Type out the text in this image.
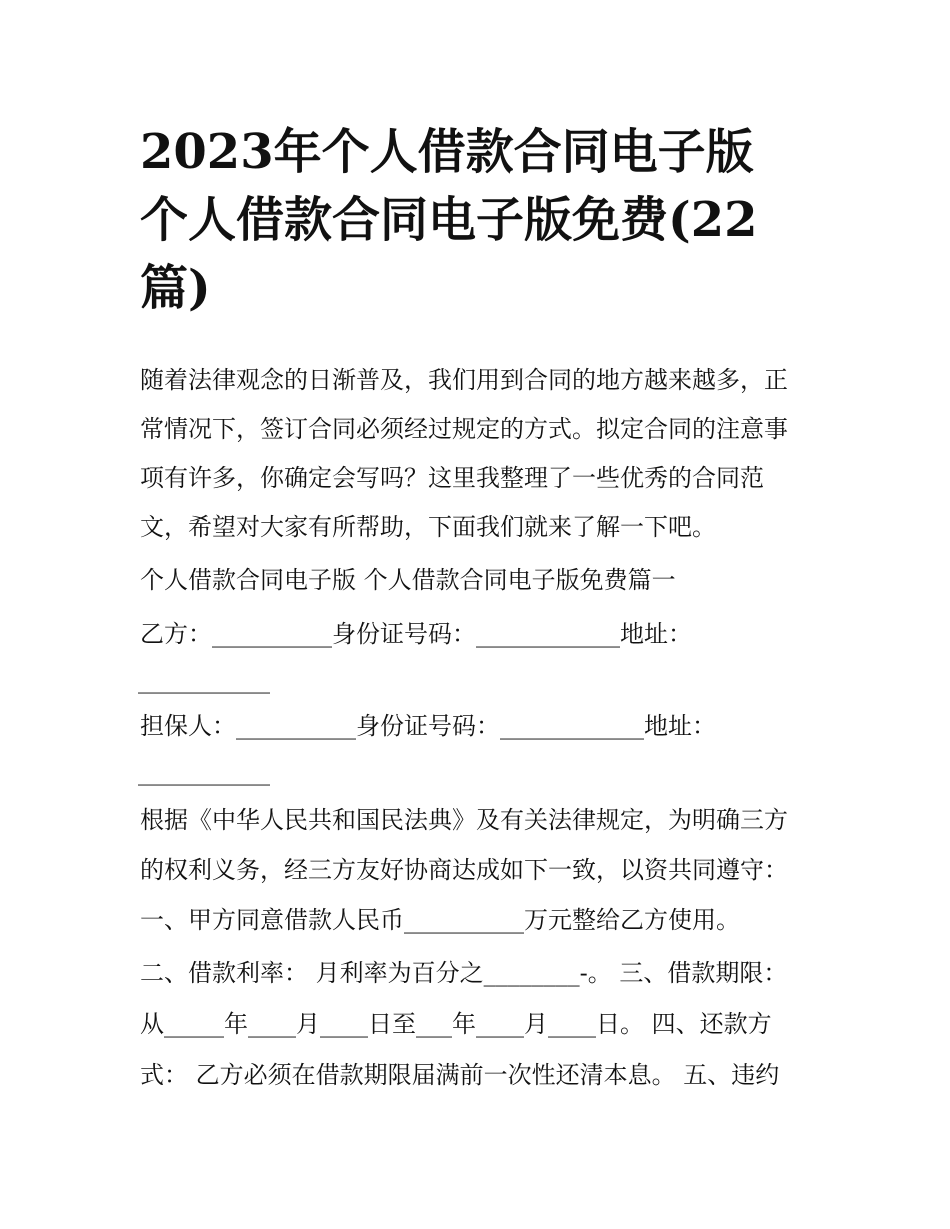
2023年个人借款合同电子版
个人借款合同电子版免费(22
篇)

随着法律观念的日渐普及，我们用到合同的地方越来越多，正

常情况下，签订合同必须经过规定的方式。拟定合同的注意事

项有许多，你确定会写吗？这里我整理了一些优秀的合同范

文，希望对大家有所帮助，下面我们就来了解一下吧。

个人借款合同电子版 个人借款合同电子版免费篇一

乙方：__________身份证号码：____________地址：

___________

担保人：__________身份证号码：____________地址：

___________

根据《中华人民共和国民法典》及有关法律规定，为明确三方

的权利义务，经三方友好协商达成如下一致，以资共同遵守：

一、甲方同意借款人民币__________万元整给乙方使用。

二、借款利率： 月利率为百分之________-。 三、借款期限：

从_____年____月____日至___年____月____日。 四、还款方

式： 乙方必须在借款期限届满前一次性还清本息。 五、违约
